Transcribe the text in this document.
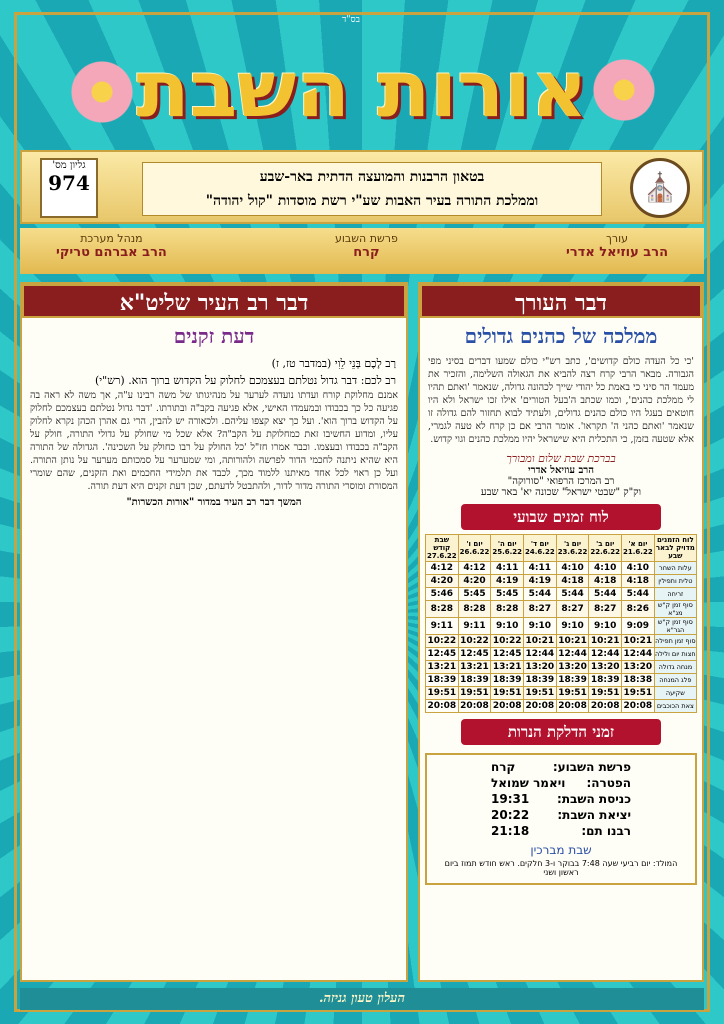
בס"ד
אורות השבת
⛪
בטאון הרבנות והמועצה הדתית באר-שבע
וממלכת התורה בעיר האבות שע"י רשת מוסדות "קול יהודה"
גליון מס'
974
עורך
הרב עוזיאל אדרי
פרשת השבוע
קרח
מנהל מערכת
הרב אברהם טריקי
דבר העורך
ממלכה של כהנים גדולים
'כי כל העדה כולם קדושים', כתב רש"י כולם שמעו דברים בסיני מפי הגבורה. מבאר הרבי קרח רצה להביא את הגאולה השלימה, והזכיר את מעמד הר סיני כי באמת כל יהודי שייך לכהונה גדולה, שנאמר 'ואתם תהיו לי ממלכת כהנים', וכמו שכתב ה'בעל הטורים' אילו זכו ישראל ולא היו חוטאים בעגל היו כולם כהנים גדולים, ולעתיד לבוא תחזור להם גדולה זו שנאמר 'ואתם כהני ה' תקראו'. אומר הרבי אם כן קרח לא טעה לגמרי, אלא שטעה בזמן, כי התכלית היא שישראל יהיו ממלכת כהנים וגוי קדוש.
בברכת שבת שלום ומבורך
הרב עוזיאל אדרי
רב המרכז הרפואי "סורוקה"
וק"ק "שבטי ישראל" שכונה יא' באר שבע
לוח זמנים שבועי
לוח הזמנים מדויק לבאר שבע	יום א' 21.6.22	יום ב' 22.6.22	יום ג' 23.6.22	יום ד' 24.6.22	יום ה' 25.6.22	יום ו' 26.6.22	שבת קודש 27.6.22
עלות השחר	4:10	4:10	4:10	4:11	4:11	4:12	4:12
טלית ותפילין	4:18	4:18	4:18	4:19	4:19	4:20	4:20
זריחה	5:44	5:44	5:44	5:44	5:45	5:45	5:46
סוף זמן ק"ש מג"א	8:26	8:27	8:27	8:27	8:28	8:28	8:28
סוף זמן ק"ש הגר"א	9:09	9:10	9:10	9:10	9:10	9:11	9:11
סוף זמן תפילה	10:21	10:21	10:21	10:21	10:22	10:22	10:22
חצות יום ולילה	12:44	12:44	12:44	12:44	12:45	12:45	12:45
מנחה גדולה	13:20	13:20	13:20	13:20	13:21	13:21	13:21
פלג המנחה	18:38	18:39	18:39	18:39	18:39	18:39	18:39
שקיעה	19:51	19:51	19:51	19:51	19:51	19:51	19:51
צאת הכוכבים	20:08	20:08	20:08	20:08	20:08	20:08	20:08
זמני הדלקת הנרות
פרשת השבוע:
קרח
הפטרה:
ויאמר שמואל
כניסת השבת:
19:31
יציאת השבת:
20:22
רבנו תם:
21:18
שבת מברכין
המולד: יום רביעי שעה 7:48 בבוקר ו-3 חלקים. ראש חודש תמוז ביום ראשון ושני
דבר רב העיר שליט"א
דעת זקנים
רַב לָכֶם בְּנֵי לֵוִי (במדבר טז, ז)
רב לכם: דבר גדול נטלתם בעצמכם לחלוק על הקדוש ברוך הוא. (רש"י)
אמנם מחלוקת קורח ועדתו נועדה לערער על מנהיגותו של משה רבינו ע"ה, אך משה לא ראה בה פגיעה כל כך בכבודו ובמעמדו האישי, אלא פגיעה בקב"ה ובתורתו. 'דבר גדול נטלתם בעצמכם לחלוק על הקדוש ברוך הוא'. ועל כך יצא קצפו עליהם. ולכאורה יש להבין, הרי גם אהרן הכהן נקרא לחלוק עליו, ומדוע החשיבו זאת כמחלוקת על הקב"ה? אלא שכל מי שחולק על גדולי התורה, חולק על הקב"ה בכבודו ובעצמו. וכבר אמרו חז"ל 'כל החולק על רבו כחולק על השכינה'. הגדולה של התורה היא שהיא ניתנה לחכמי הדור לפרשה ולהורותה, ומי שמערער על סמכותם מערער על נותן התורה. ועל כן ראוי לכל אחד מאיתנו ללמוד מכך, לכבד את תלמידי החכמים ואת הזקנים, שהם שומרי המסורת ומוסרי התורה מדור לדור, ולהתבטל לדעתם, שכן דעת זקנים היא דעת תורה.
המשך דבר רב העיר במדור "אורות הכשרות"
העלון טעון גניזה.
